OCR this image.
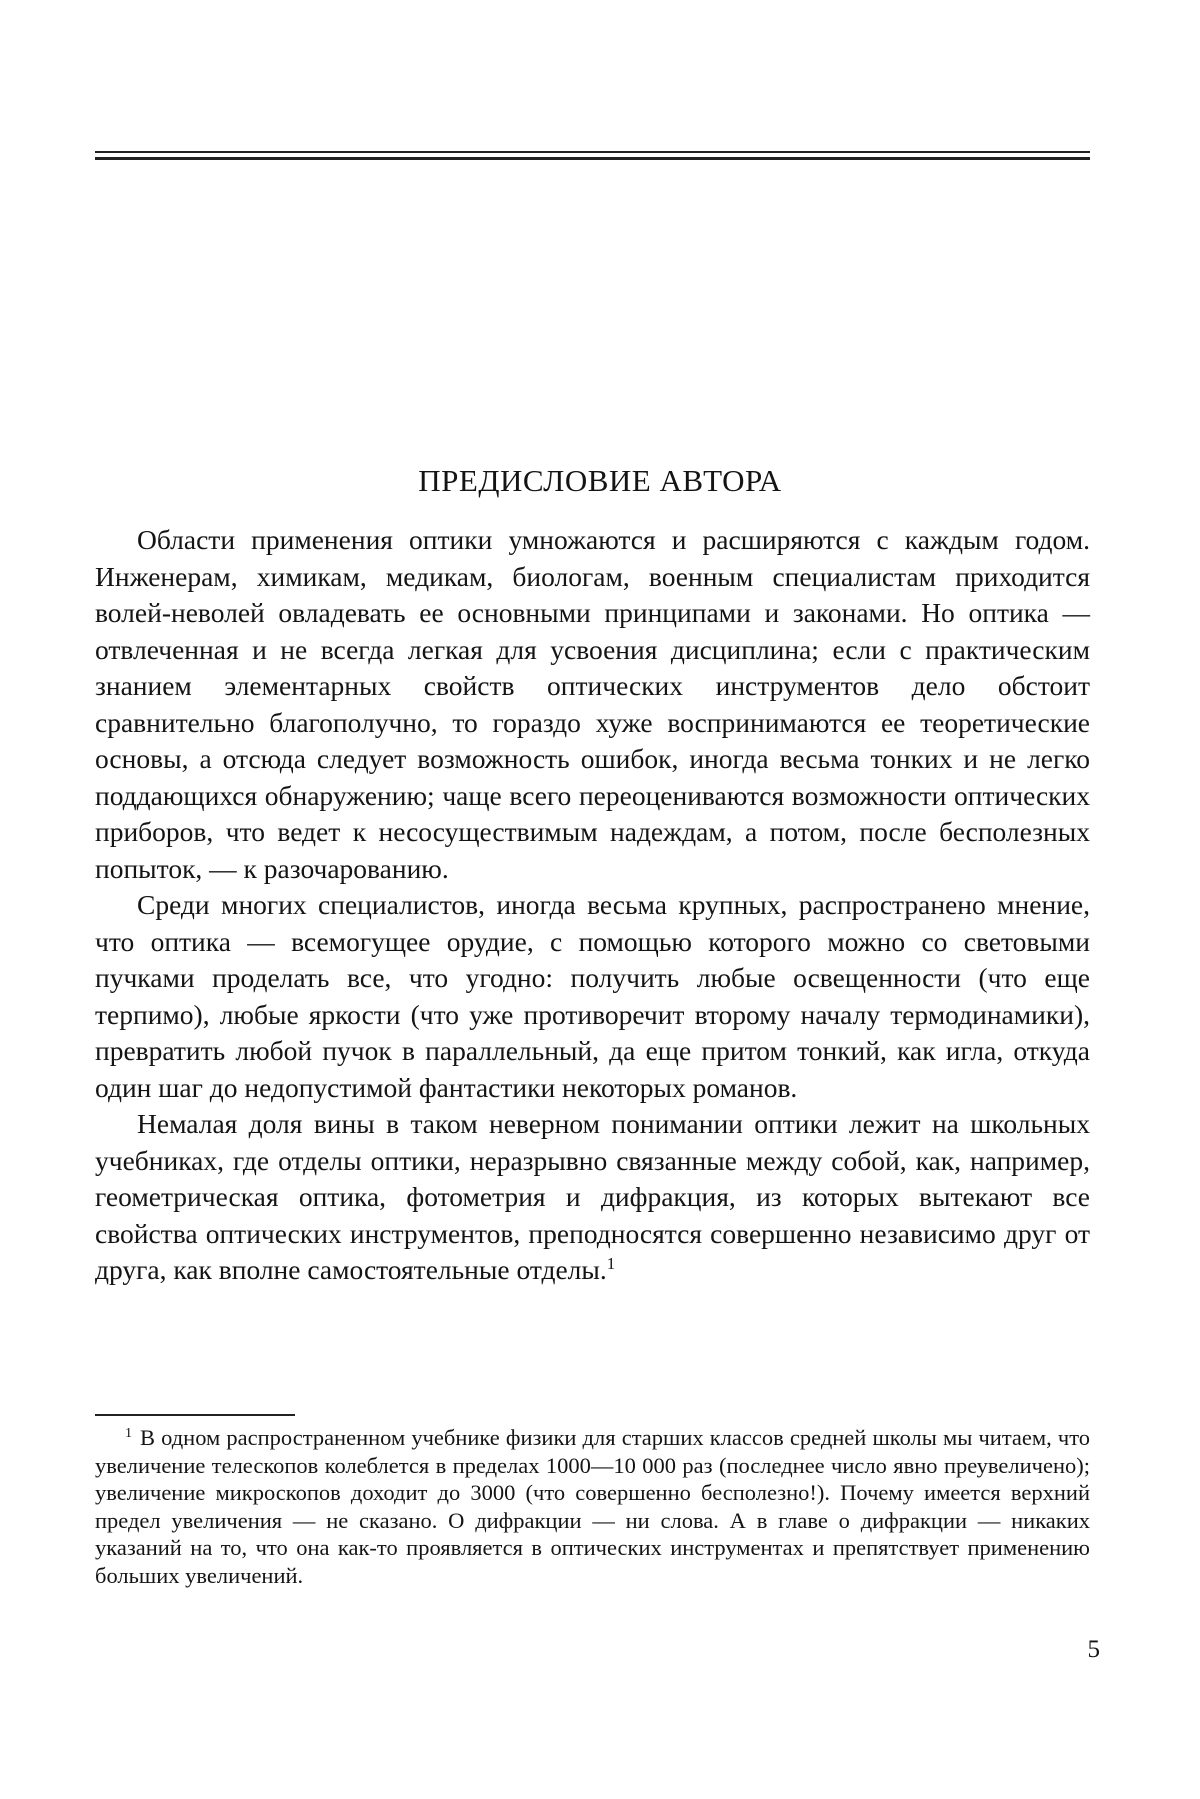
ПРЕДИСЛОВИЕ АВТОРА

Области применения оптики умножаются и расширяются с каждым годом. Инженерам, химикам, медикам, биологам, военным специалистам приходится волей-неволей овладевать ее основными принципами и законами. Но оптика — отвлеченная и не всегда легкая для усвоения дисциплина; если с практическим знанием элементарных свойств оптических инструментов дело обстоит сравнительно благополучно, то гораздо хуже воспринимаются ее теоретические основы, а отсюда следует возможность ошибок, иногда весьма тонких и не легко поддающихся обнаружению; чаще всего переоцениваются возможности оптических приборов, что ведет к несосуществимым надеждам, а потом, после бесполезных попыток, — к разочарованию.

Среди многих специалистов, иногда весьма крупных, распространено мнение, что оптика — всемогущее орудие, с помощью которого можно со световыми пучками проделать все, что угодно: получить любые освещенности (что еще терпимо), любые яркости (что уже противоречит второму началу термодинамики), превратить любой пучок в параллельный, да еще притом тонкий, как игла, откуда один шаг до недопустимой фантастики некоторых романов.

Немалая доля вины в таком неверном понимании оптики лежит на школьных учебниках, где отделы оптики, неразрывно связанные между собой, как, например, геометрическая оптика, фотометрия и дифракция, из которых вытекают все свойства оптических инструментов, преподносятся совершенно независимо друг от друга, как вполне самостоятельные отделы.$^1$

$^1$ В одном распространенном учебнике физики для старших классов средней школы мы читаем, что увеличение телескопов колеблется в пределах 1000—10 000 раз (последнее число явно преувеличено); увеличение микроскопов доходит до 3000 (что совершенно бесполезно!). Почему имеется верхний предел увеличения — не сказано. О дифракции — ни слова. А в главе о дифракции — никаких указаний на то, что она как-то проявляется в оптических инструментах и препятствует применению больших увеличений.

5
